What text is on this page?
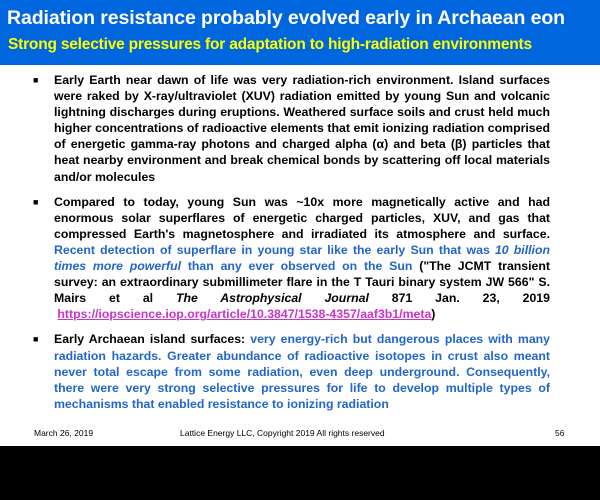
Radiation resistance probably evolved early in Archaean eon
Strong selective pressures for adaptation to high-radiation environments
■ Early Earth near dawn of life was very radiation-rich environment. Island surfaces were raked by X-ray/ultraviolet (XUV) radiation emitted by young Sun and volcanic lightning discharges during eruptions. Weathered surface soils and crust held much higher concentrations of radioactive elements that emit ionizing radiation comprised of energetic gamma-ray photons and charged alpha (α) and beta (β) particles that heat nearby environment and break chemical bonds by scattering off local materials and/or molecules
■ Compared to today, young Sun was ~10x more magnetically active and had enormous solar superflares of energetic charged particles, XUV, and gas that compressed Earth's magnetosphere and irradiated its atmosphere and surface. Recent detection of superflare in young star like the early Sun that was 10 billion times more powerful than any ever observed on the Sun ("The JCMT transient survey: an extraordinary submillimeter flare in the T Tauri binary system JW 566" S. Mairs et al The Astrophysical Journal 871 Jan. 23, 2019  https://iopscience.iop.org/article/10.3847/1538-4357/aaf3b1/meta)
■ Early Archaean island surfaces: very energy-rich but dangerous places with many radiation hazards. Greater abundance of radioactive isotopes in crust also meant never total escape from some radiation, even deep underground. Consequently, there were very strong selective pressures for life to develop multiple types of mechanisms that enabled resistance to ionizing radiation
March 26, 2019	Lattice Energy LLC, Copyright 2019 All rights reserved	56
